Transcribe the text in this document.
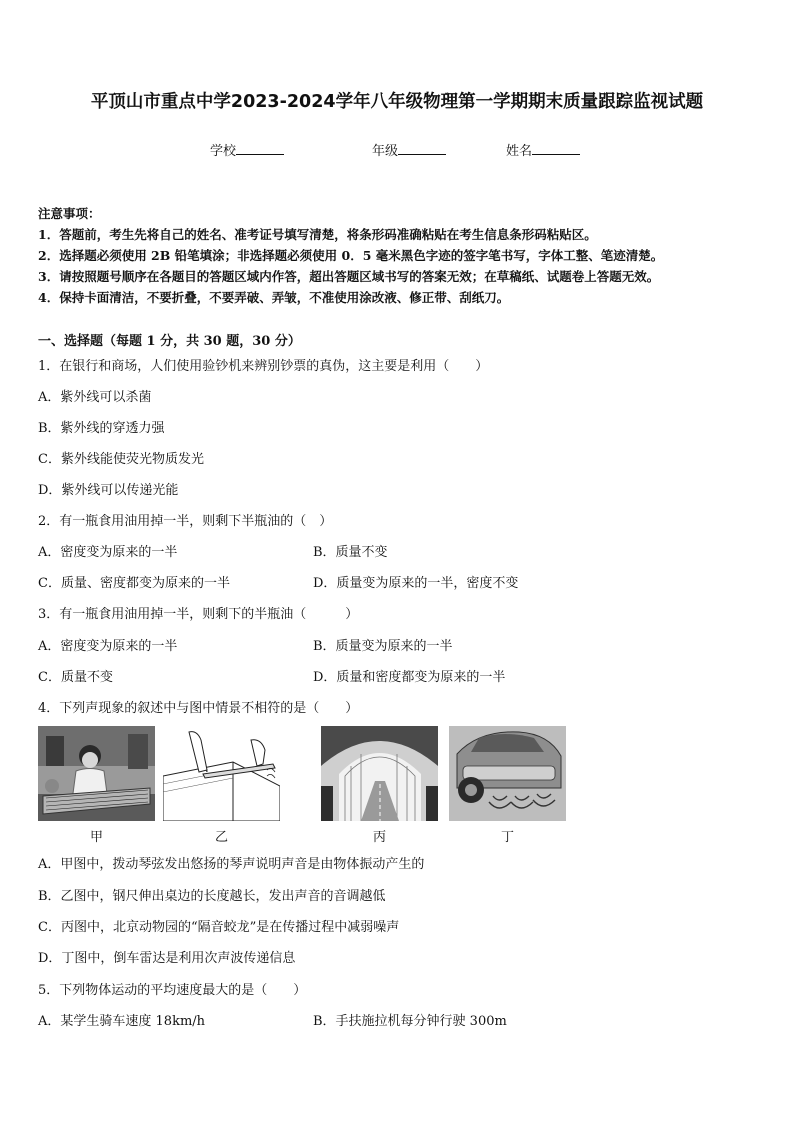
平顶山市重点中学2023-2024学年八年级物理第一学期期末质量跟踪监视试题
学校	年级	姓名
注意事项：
1．答题前，考生先将自己的姓名、准考证号填写清楚，将条形码准确粘贴在考生信息条形码粘贴区。
2．选择题必须使用 2B 铅笔填涂；非选择题必须使用 0．5 毫米黑色字迹的签字笔书写，字体工整、笔迹清楚。
3．请按照题号顺序在各题目的答题区域内作答，超出答题区域书写的答案无效；在草稿纸、试题卷上答题无效。
4．保持卡面清洁，不要折叠，不要弄破、弄皱，不准使用涂改液、修正带、刮纸刀。
一、选择题（每题 1 分，共 30 题，30 分）
1．在银行和商场，人们使用验钞机来辨别钞票的真伪，这主要是利用（　　）
A．紫外线可以杀菌
B．紫外线的穿透力强
C．紫外线能使荧光物质发光
D．紫外线可以传递光能
2．有一瓶食用油用掉一半，则剩下半瓶油的（　）
A．密度变为原来的一半	B．质量不变
C．质量、密度都变为原来的一半	D．质量变为原来的一半，密度不变
3．有一瓶食用油用掉一半，则剩下的半瓶油（　　　）
A．密度变为原来的一半	B．质量变为原来的一半
C．质量不变	D．质量和密度都变为原来的一半
4．下列声现象的叙述中与图中情景不相符的是（　　）
甲	乙	丙	丁
A．甲图中，拨动琴弦发出悠扬的琴声说明声音是由物体振动产生的
B．乙图中，钢尺伸出桌边的长度越长，发出声音的音调越低
C．丙图中，北京动物园的“隔音蛟龙”是在传播过程中减弱噪声
D．丁图中，倒车雷达是利用次声波传递信息
5．下列物体运动的平均速度最大的是（　　）
A．某学生骑车速度 18km/h	B．手扶施拉机每分钟行驶 300m
